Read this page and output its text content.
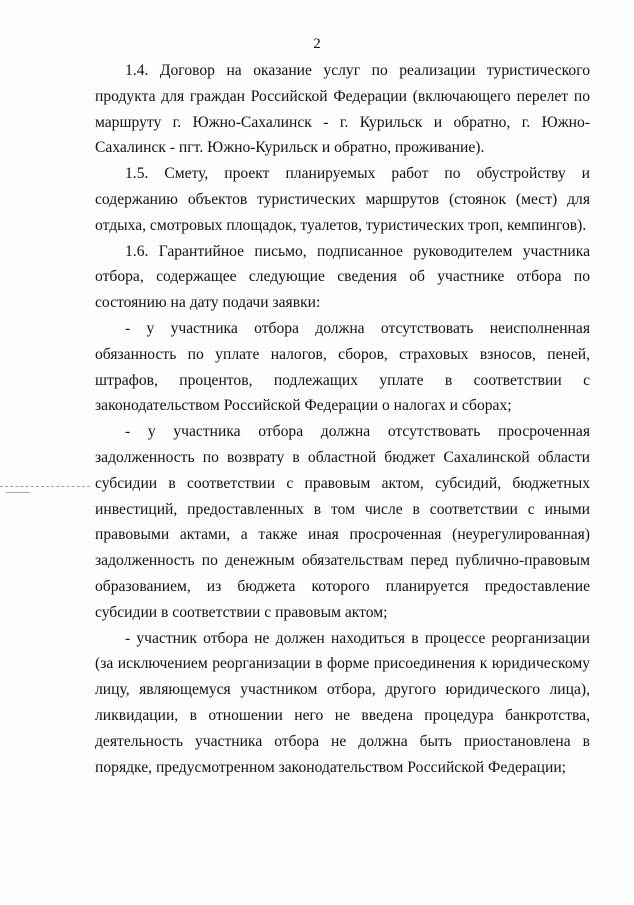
2

1.4. Договор на оказание услуг по реализации туристического продукта для граждан Российской Федерации (включающего перелет по маршруту г. Южно-Сахалинск - г. Курильск и обратно, г. Южно-Сахалинск - пгт. Южно-Курильск и обратно, проживание).

1.5. Смету, проект планируемых работ по обустройству и содержанию объектов туристических маршрутов (стоянок (мест) для отдыха, смотровых площадок, туалетов, туристических троп, кемпингов).

1.6. Гарантийное письмо, подписанное руководителем участника отбора, содержащее следующие сведения об участнике отбора по состоянию на дату подачи заявки:

- у участника отбора должна отсутствовать неисполненная обязанность по уплате налогов, сборов, страховых взносов, пеней, штрафов, процентов, подлежащих уплате в соответствии с законодательством Российской Федерации о налогах и сборах;

- у участника отбора должна отсутствовать просроченная задолженность по возврату в областной бюджет Сахалинской области субсидии в соответствии с правовым актом, субсидий, бюджетных инвестиций, предоставленных в том числе в соответствии с иными правовыми актами, а также иная просроченная (неурегулированная) задолженность по денежным обязательствам перед публично-правовым образованием, из бюджета которого планируется предоставление субсидии в соответствии с правовым актом;

- участник отбора не должен находиться в процессе реорганизации (за исключением реорганизации в форме присоединения к юридическому лицу, являющемуся участником отбора, другого юридического лица), ликвидации, в отношении него не введена процедура банкротства, деятельность участника отбора не должна быть приостановлена в порядке, предусмотренном законодательством Российской Федерации;
